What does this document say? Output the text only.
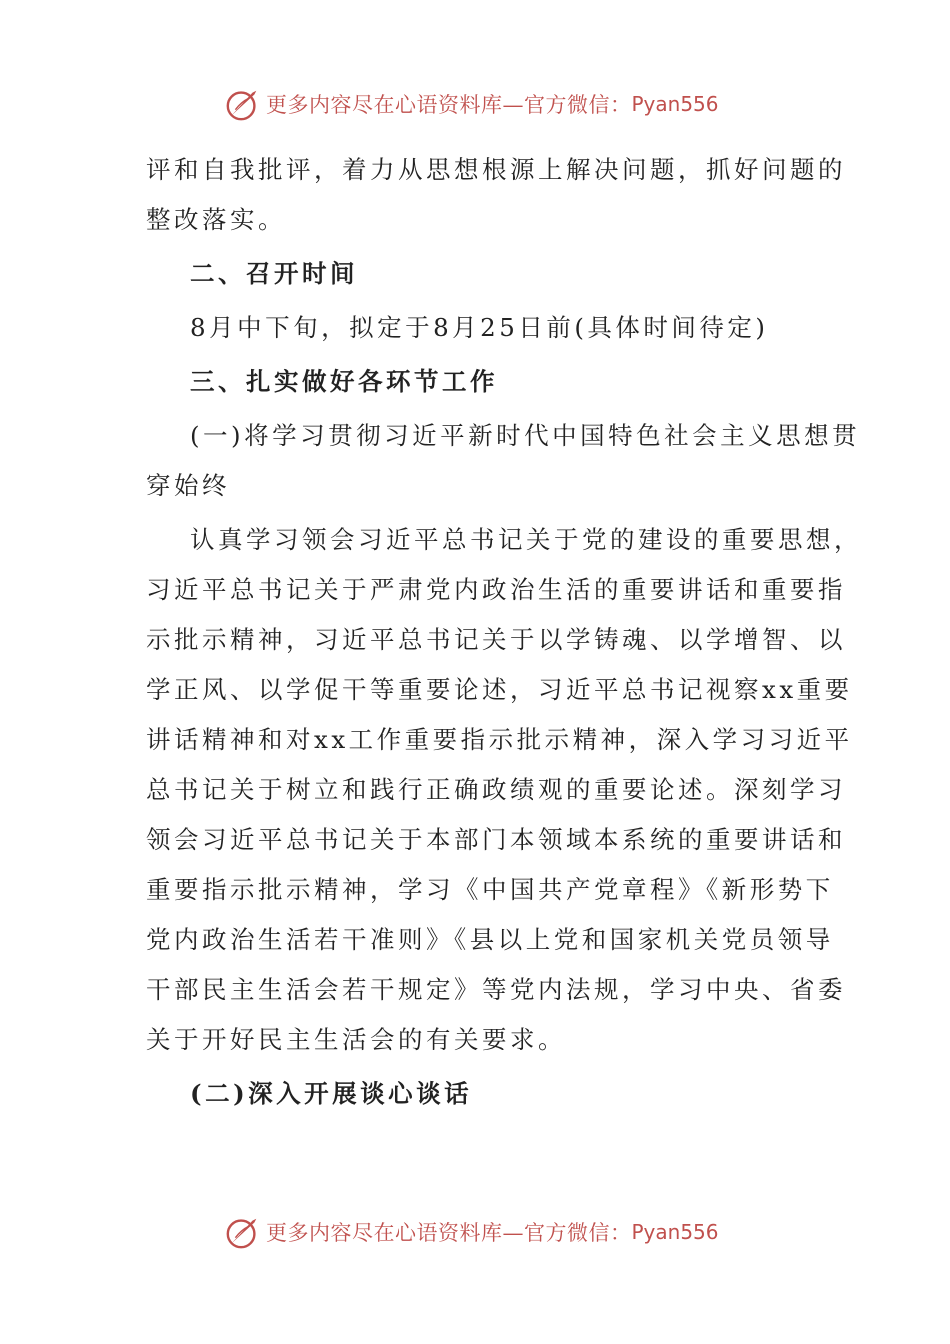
更多内容尽在心语资料库—官方微信： Pyan556
评和自我批评，着力从思想根源上解决问题，抓好问题的
整改落实。
二、召开时间
8月中下旬，拟定于8月25日前(具体时间待定)
三、扎实做好各环节工作
(一)将学习贯彻习近平新时代中国特色社会主义思想贯
穿始终
认真学习领会习近平总书记关于党的建设的重要思想，
习近平总书记关于严肃党内政治生活的重要讲话和重要指
示批示精神，习近平总书记关于以学铸魂、以学增智、以
学正风、以学促干等重要论述，习近平总书记视察xx重要
讲话精神和对xx工作重要指示批示精神，深入学习习近平
总书记关于树立和践行正确政绩观的重要论述。深刻学习
领会习近平总书记关于本部门本领域本系统的重要讲话和
重要指示批示精神，学习《中国共产党章程》《新形势下
党内政治生活若干准则》《县以上党和国家机关党员领导
干部民主生活会若干规定》等党内法规，学习中央、省委
关于开好民主生活会的有关要求。
(二)深入开展谈心谈话
更多内容尽在心语资料库—官方微信： Pyan556
